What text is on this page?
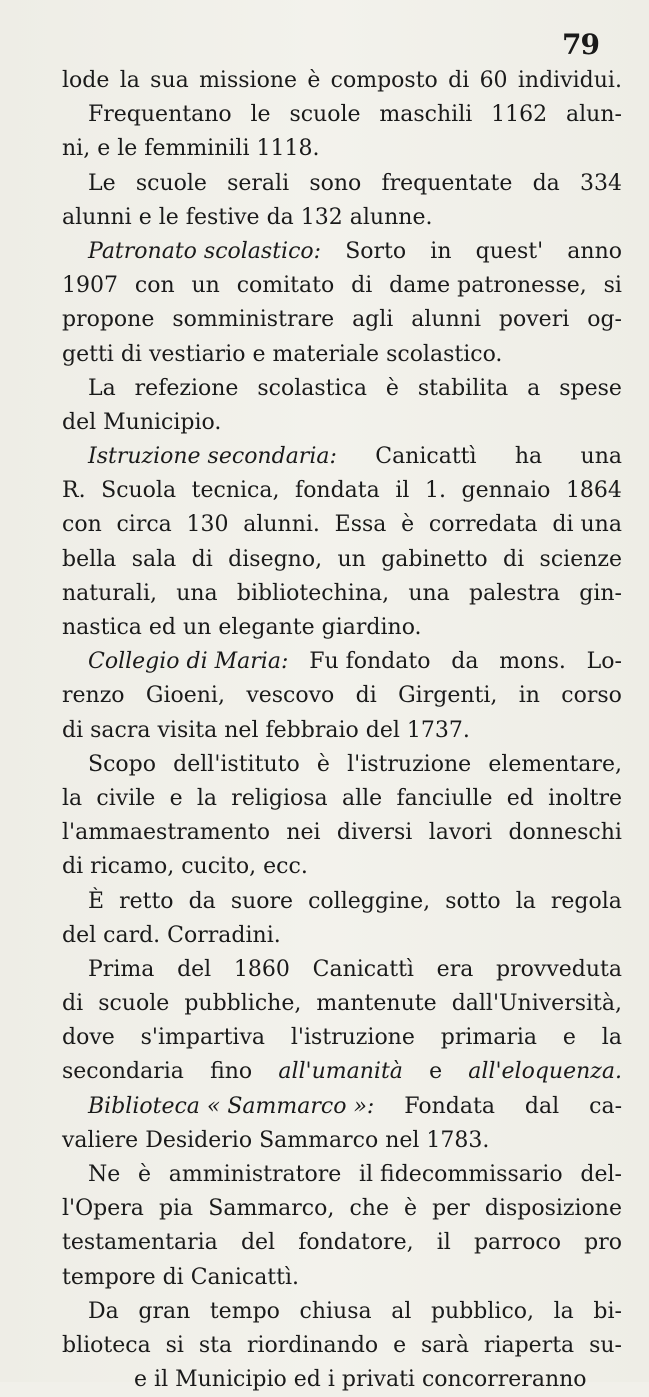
79
lode la sua missione è composto di 60 individui.
Frequentano le scuole maschili 1162 alun-
ni, e le femminili 1118.
Le scuole serali sono frequentate da 334
alunni e le festive da 132 alunne.
Patronato scolastico: Sorto in quest' anno
1907 con un comitato di dame patronesse, si
propone somministrare agli alunni poveri og-
getti di vestiario e materiale scolastico.
La refezione scolastica è stabilita a spese
del Municipio.
Istruzione secondaria: Canicattì ha una
R. Scuola tecnica, fondata il 1. gennaio 1864
con circa 130 alunni. Essa è corredata di una
bella sala di disegno, un gabinetto di scienze
naturali, una bibliotechina, una palestra gin-
nastica ed un elegante giardino.
Collegio di Maria: Fu fondato da mons. Lo-
renzo Gioeni, vescovo di Girgenti, in corso
di sacra visita nel febbraio del 1737.
Scopo dell'istituto è l'istruzione elementare,
la civile e la religiosa alle fanciulle ed inoltre
l'ammaestramento nei diversi lavori donneschi
di ricamo, cucito, ecc.
È retto da suore colleggine, sotto la regola
del card. Corradini.
Prima del 1860 Canicattì era provveduta
di scuole pubbliche, mantenute dall'Università,
dove s'impartiva l'istruzione primaria e la
secondaria fino all'umanità e all'eloquenza.
Biblioteca « Sammarco »: Fondata dal ca-
valiere Desiderio Sammarco nel 1783.
Ne è amministratore il fidecommissario del-
l'Opera pia Sammarco, che è per disposizione
testamentaria del fondatore, il parroco pro
tempore di Canicattì.
Da gran tempo chiusa al pubblico, la bi-
blioteca si sta riordinando e sarà riaperta su-
e il Municipio ed i privati concorreranno
